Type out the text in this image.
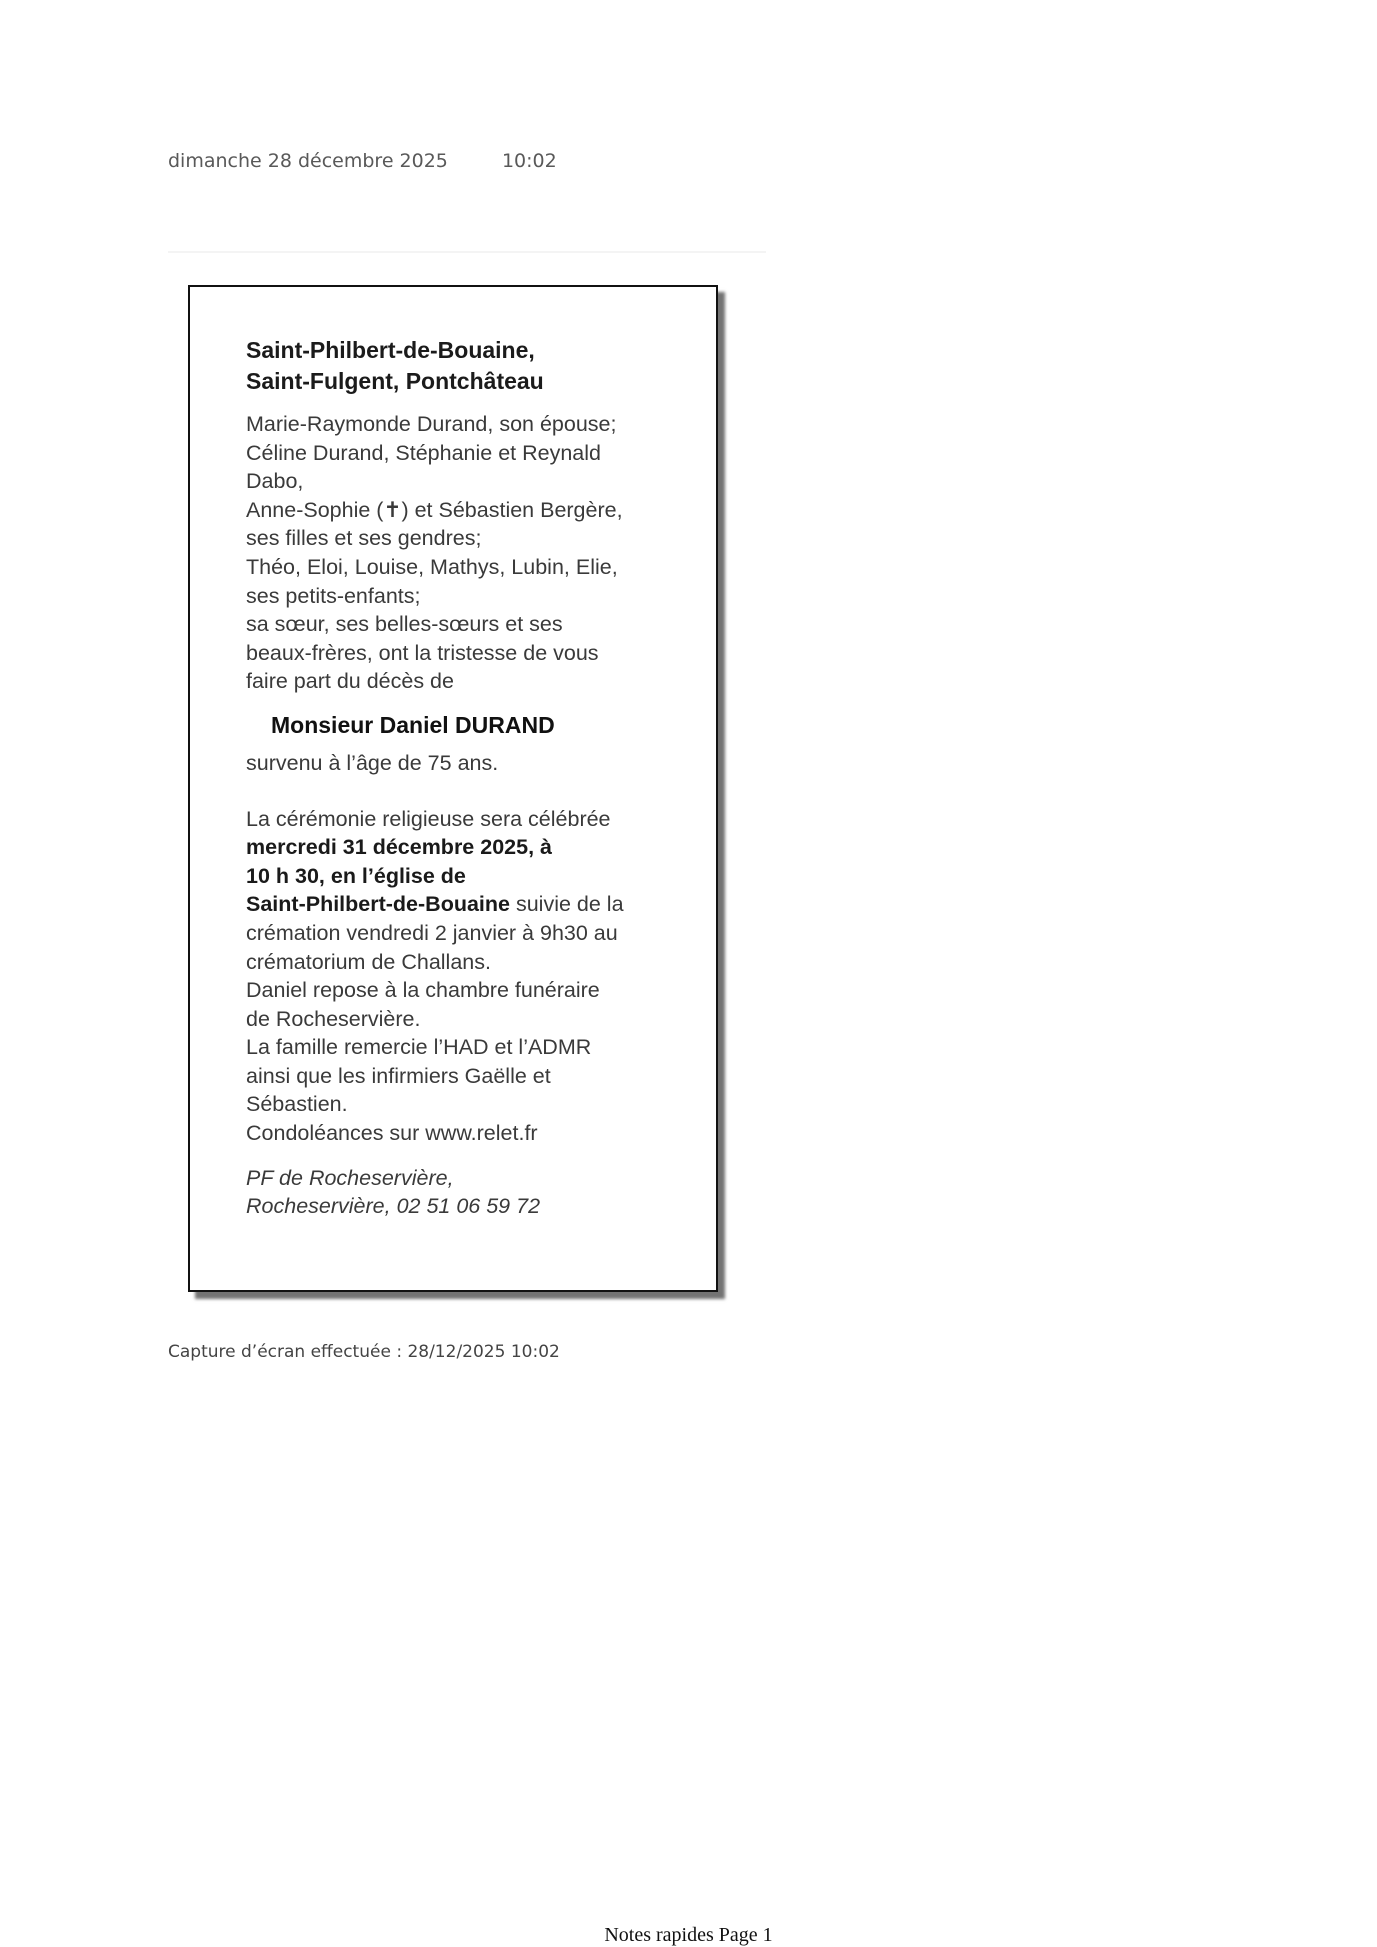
dimanche 28 décembre 2025	10:02
Saint-Philbert-de-Bouaine,
Saint-Fulgent, Pontchâteau
Marie-Raymonde Durand, son épouse;
Céline Durand, Stéphanie et Reynald
Dabo,
Anne-Sophie (✝) et Sébastien Bergère,
ses filles et ses gendres;
Théo, Eloi, Louise, Mathys, Lubin, Elie,
ses petits-enfants;
sa sœur, ses belles-sœurs et ses
beaux-frères, ont la tristesse de vous
faire part du décès de
Monsieur Daniel DURAND
survenu à l’âge de 75 ans.
La cérémonie religieuse sera célébrée
mercredi 31 décembre 2025, à
10 h 30, en l’église de
Saint-Philbert-de-Bouaine suivie de la
crémation vendredi 2 janvier à 9h30 au
crématorium de Challans.
Daniel repose à la chambre funéraire
de Rocheservière.
La famille remercie l’HAD et l’ADMR
ainsi que les infirmiers Gaëlle et
Sébastien.
Condoléances sur www.relet.fr
PF de Rocheservière,
Rocheservière, 02 51 06 59 72
Capture d’écran effectuée : 28/12/2025 10:02
Notes rapides Page 1
